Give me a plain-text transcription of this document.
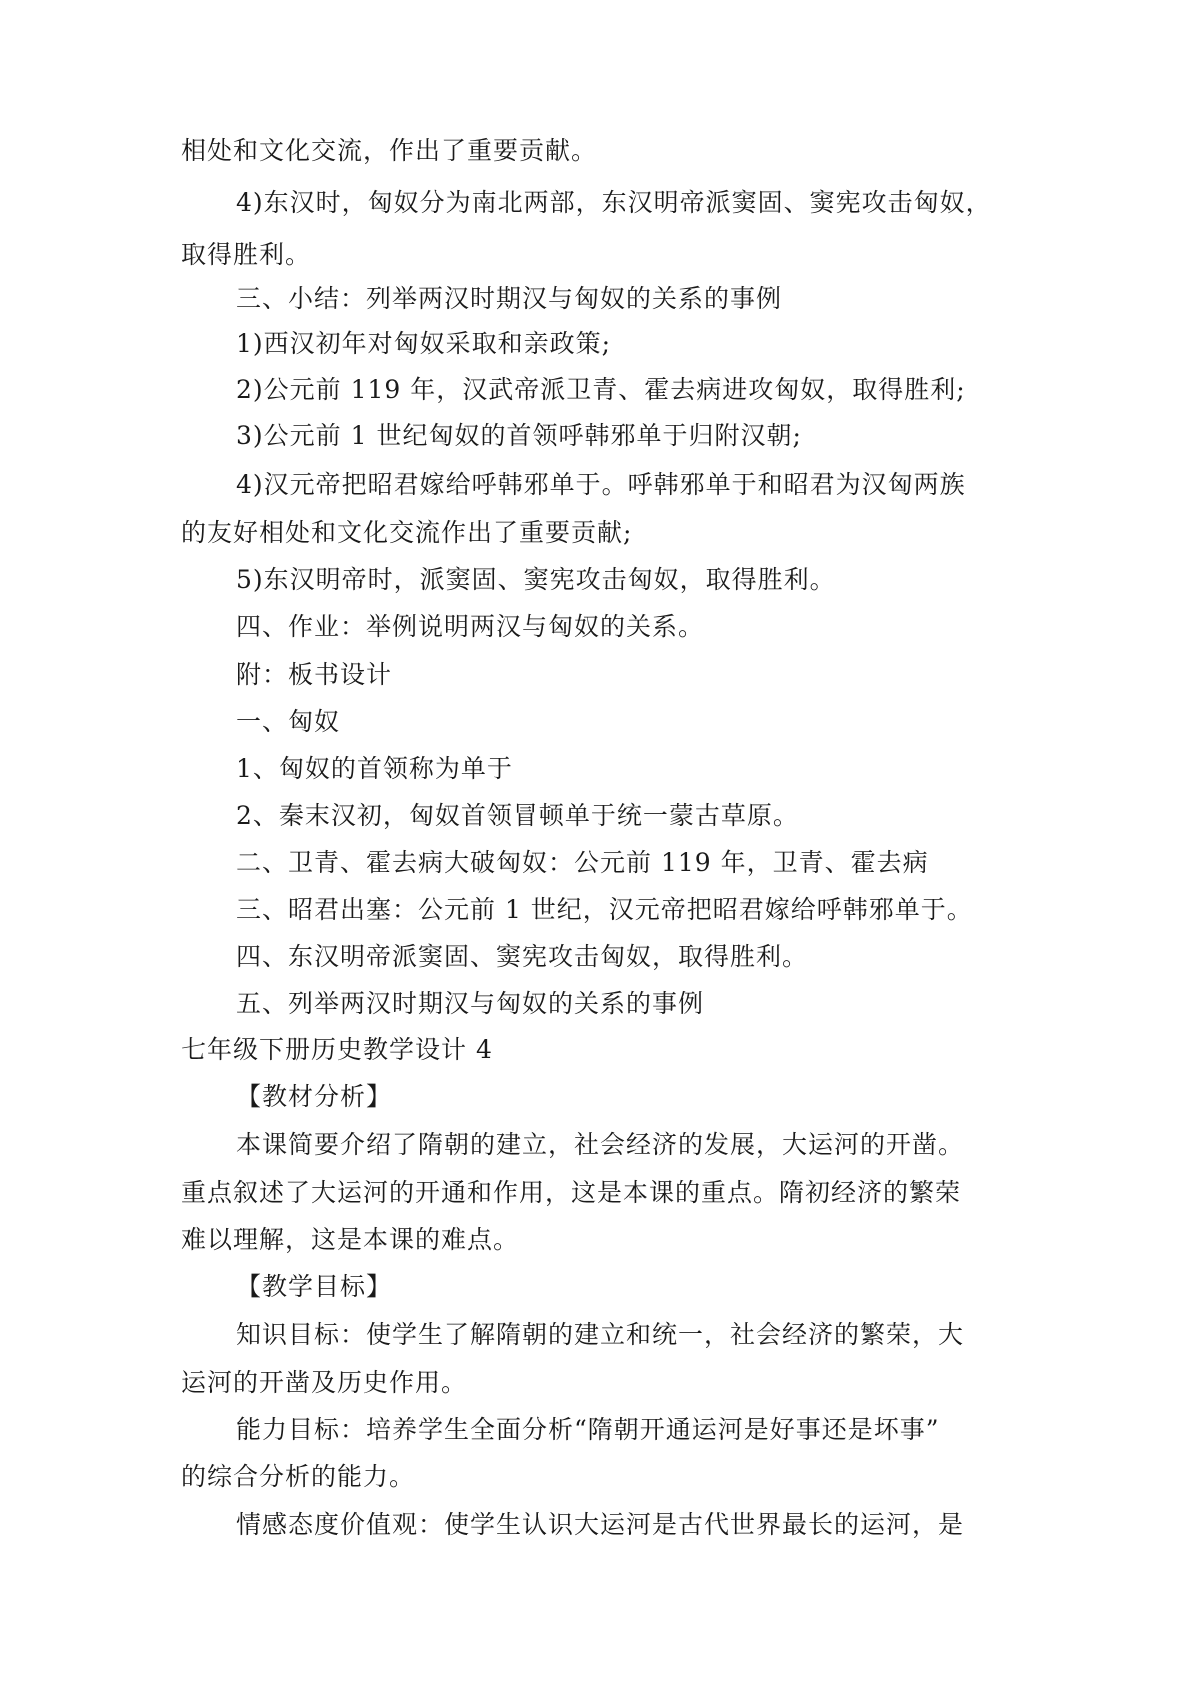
相处和文化交流，作出了重要贡献。
4)东汉时，匈奴分为南北两部，东汉明帝派窦固、窦宪攻击匈奴，
取得胜利。
三、小结：列举两汉时期汉与匈奴的关系的事例
1)西汉初年对匈奴采取和亲政策;
2)公元前 119 年，汉武帝派卫青、霍去病进攻匈奴，取得胜利;
3)公元前 1 世纪匈奴的首领呼韩邪单于归附汉朝;
4)汉元帝把昭君嫁给呼韩邪单于。呼韩邪单于和昭君为汉匈两族
的友好相处和文化交流作出了重要贡献;
5)东汉明帝时，派窦固、窦宪攻击匈奴，取得胜利。
四、作业：举例说明两汉与匈奴的关系。
附：板书设计
一、匈奴
1、匈奴的首领称为单于
2、秦末汉初，匈奴首领冒顿单于统一蒙古草原。
二、卫青、霍去病大破匈奴：公元前 119 年，卫青、霍去病
三、昭君出塞：公元前 1 世纪，汉元帝把昭君嫁给呼韩邪单于。
四、东汉明帝派窦固、窦宪攻击匈奴，取得胜利。
五、列举两汉时期汉与匈奴的关系的事例
七年级下册历史教学设计 4
【教材分析】
本课简要介绍了隋朝的建立，社会经济的发展，大运河的开凿。
重点叙述了大运河的开通和作用，这是本课的重点。隋初经济的繁荣
难以理解，这是本课的难点。
【教学目标】
知识目标：使学生了解隋朝的建立和统一，社会经济的繁荣，大
运河的开凿及历史作用。
能力目标：培养学生全面分析“隋朝开通运河是好事还是坏事”
的综合分析的能力。
情感态度价值观：使学生认识大运河是古代世界最长的运河，是
